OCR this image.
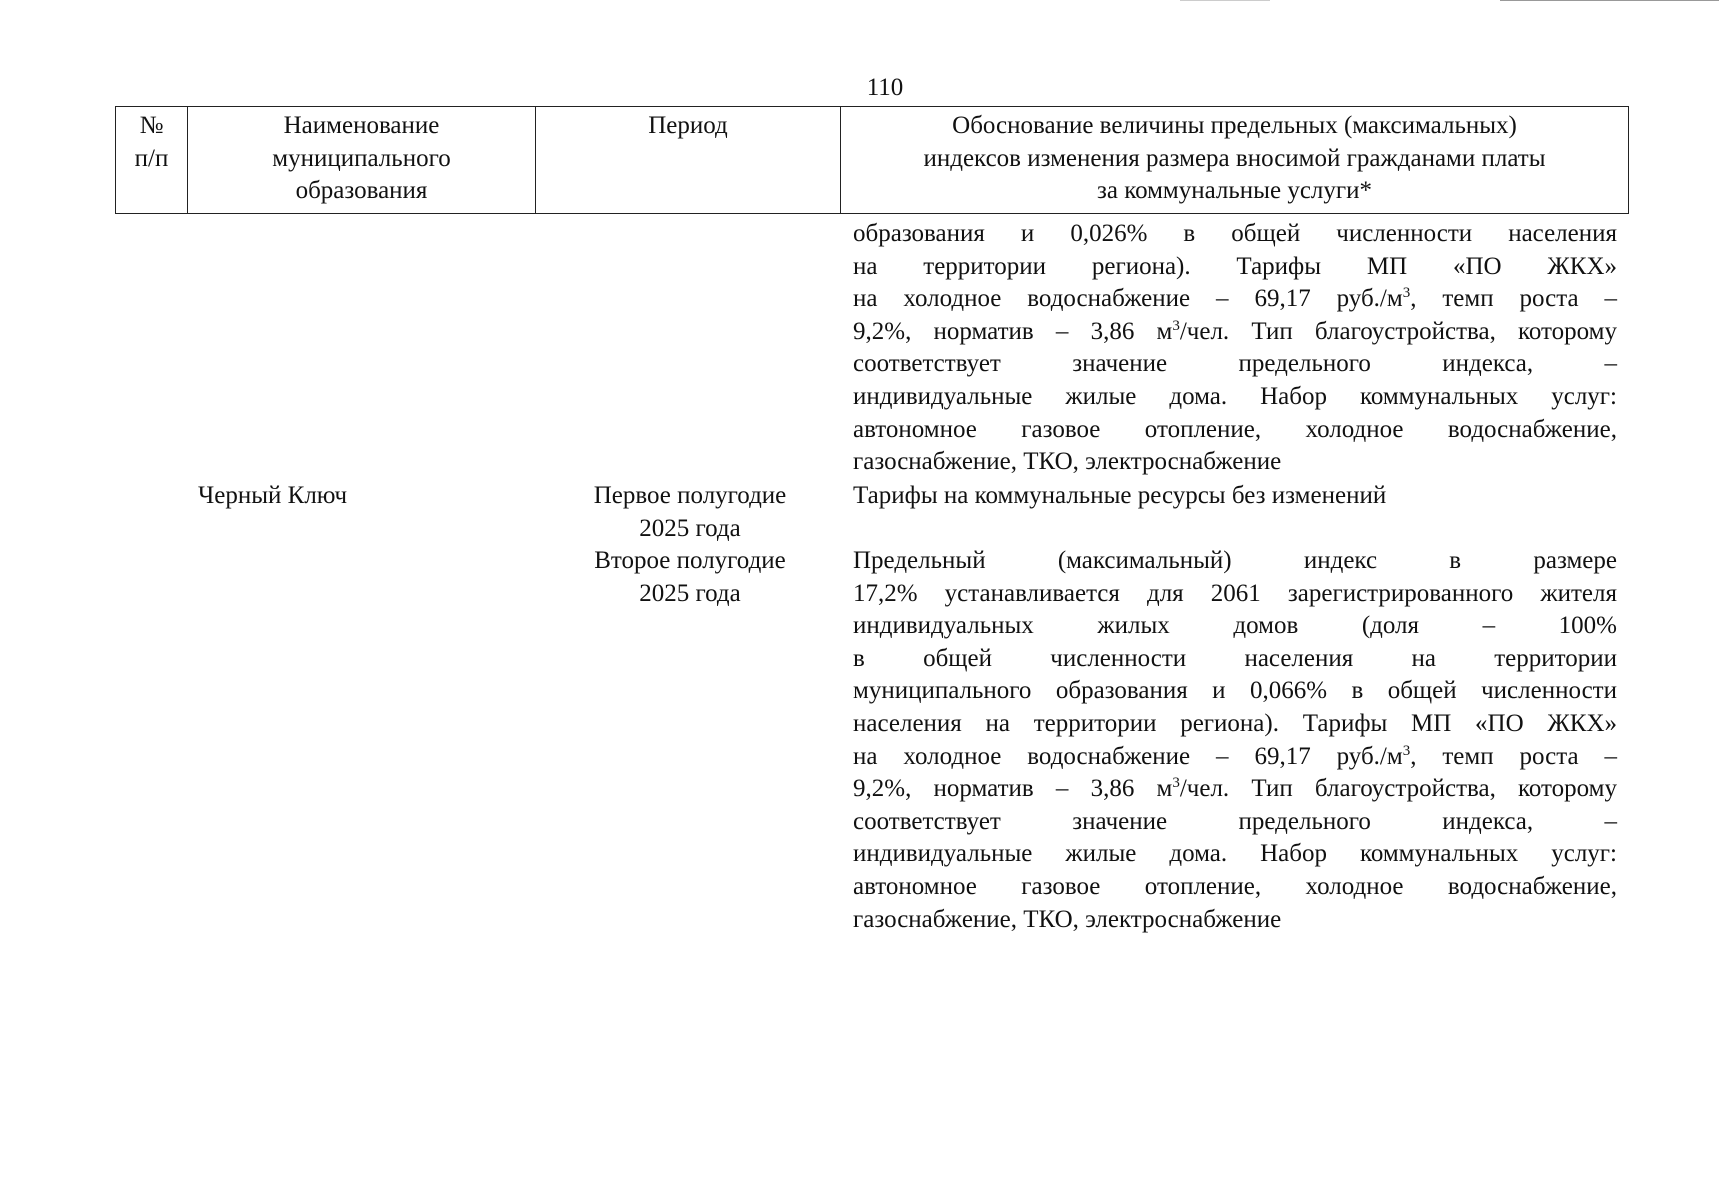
110
№
п/п
Наименование
муниципального
образования
Период	Обоснование величины предельных (максимальных)
индексов изменения размера вносимой гражданами платы
за коммунальные услуги*
образования и 0,026% в общей численности населения
на территории региона). Тарифы МП «ПО ЖКХ»
на холодное водоснабжение – 69,17 $руб./м^3$, темп роста –
9,2%, норматив – 3,86 $м^3$/чел. Тип благоустройства, которому
соответствует значение предельного индекса, –
индивидуальные жилые дома. Набор коммунальных услуг:
автономное газовое отопление, холодное водоснабжение,
газоснабжение, ТКО, электроснабжение
Черный Ключ	Первое полугодие
2025 года
Тарифы на коммунальные ресурсы без изменений
Второе полугодие
2025 года
Предельный (максимальный) индекс в размере
17,2% устанавливается для 2061 зарегистрированного жителя
индивидуальных жилых домов (доля – 100%
в общей численности населения на территории
муниципального образования и 0,066% в общей численности
населения на территории региона). Тарифы МП «ПО ЖКХ»
на холодное водоснабжение – 69,17 $руб./м^3$, темп роста –
9,2%, норматив – 3,86 $м^3$/чел. Тип благоустройства, которому
соответствует значение предельного индекса, –
индивидуальные жилые дома. Набор коммунальных услуг:
автономное газовое отопление, холодное водоснабжение,
газоснабжение, ТКО, электроснабжение
